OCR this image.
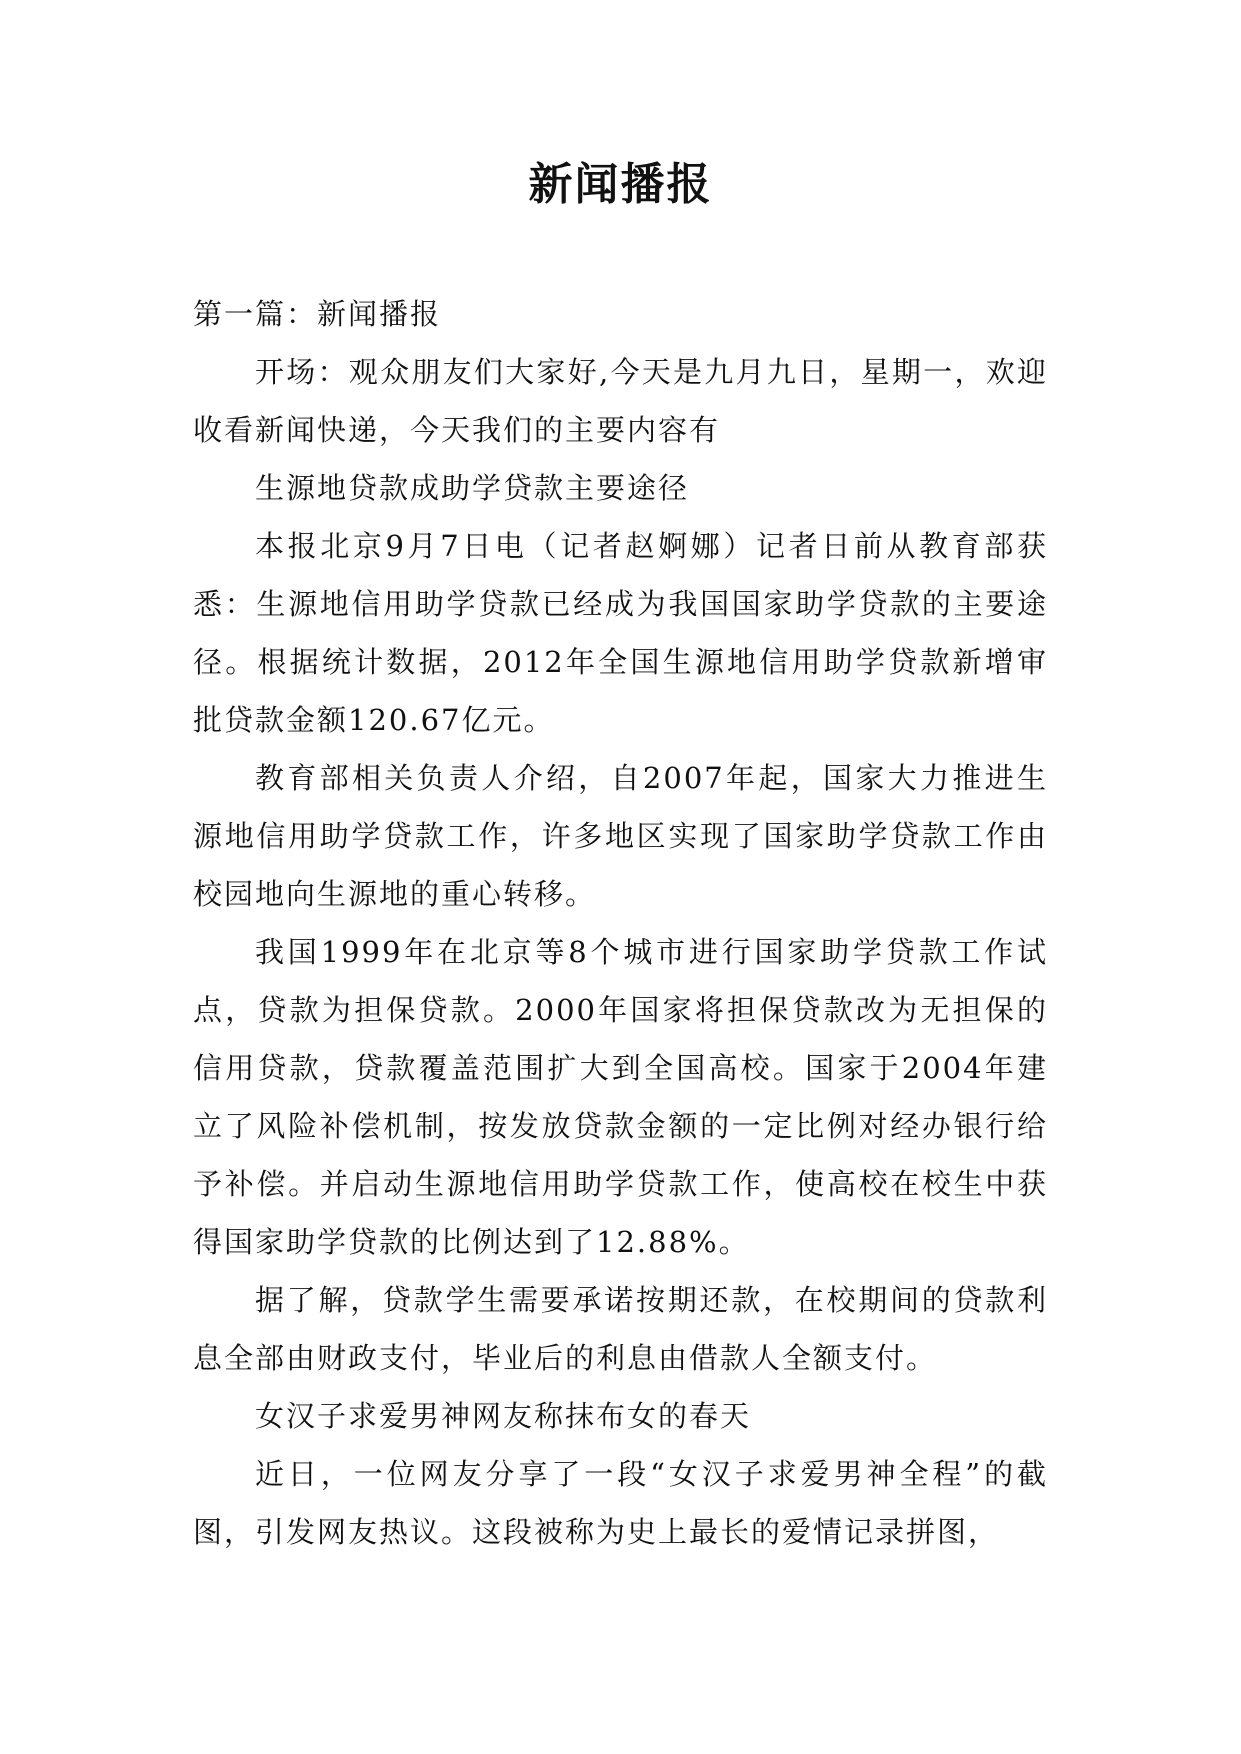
新闻播报

第一篇：新闻播报

开场：观众朋友们大家好,今天是九月九日，星期一，欢迎收看新闻快递，今天我们的主要内容有

生源地贷款成助学贷款主要途径

本报北京9月7日电（记者赵婀娜）记者日前从教育部获悉：生源地信用助学贷款已经成为我国国家助学贷款的主要途径。根据统计数据，2012年全国生源地信用助学贷款新增审批贷款金额120.67亿元。

教育部相关负责人介绍，自2007年起，国家大力推进生源地信用助学贷款工作，许多地区实现了国家助学贷款工作由校园地向生源地的重心转移。

我国1999年在北京等8个城市进行国家助学贷款工作试点，贷款为担保贷款。2000年国家将担保贷款改为无担保的信用贷款，贷款覆盖范围扩大到全国高校。国家于2004年建立了风险补偿机制，按发放贷款金额的一定比例对经办银行给予补偿。并启动生源地信用助学贷款工作，使高校在校生中获得国家助学贷款的比例达到了12.88%。

据了解，贷款学生需要承诺按期还款，在校期间的贷款利息全部由财政支付，毕业后的利息由借款人全额支付。

女汉子求爱男神网友称抹布女的春天

近日，一位网友分享了一段“女汉子求爱男神全程”的截图，引发网友热议。这段被称为史上最长的爱情记录拼图，
